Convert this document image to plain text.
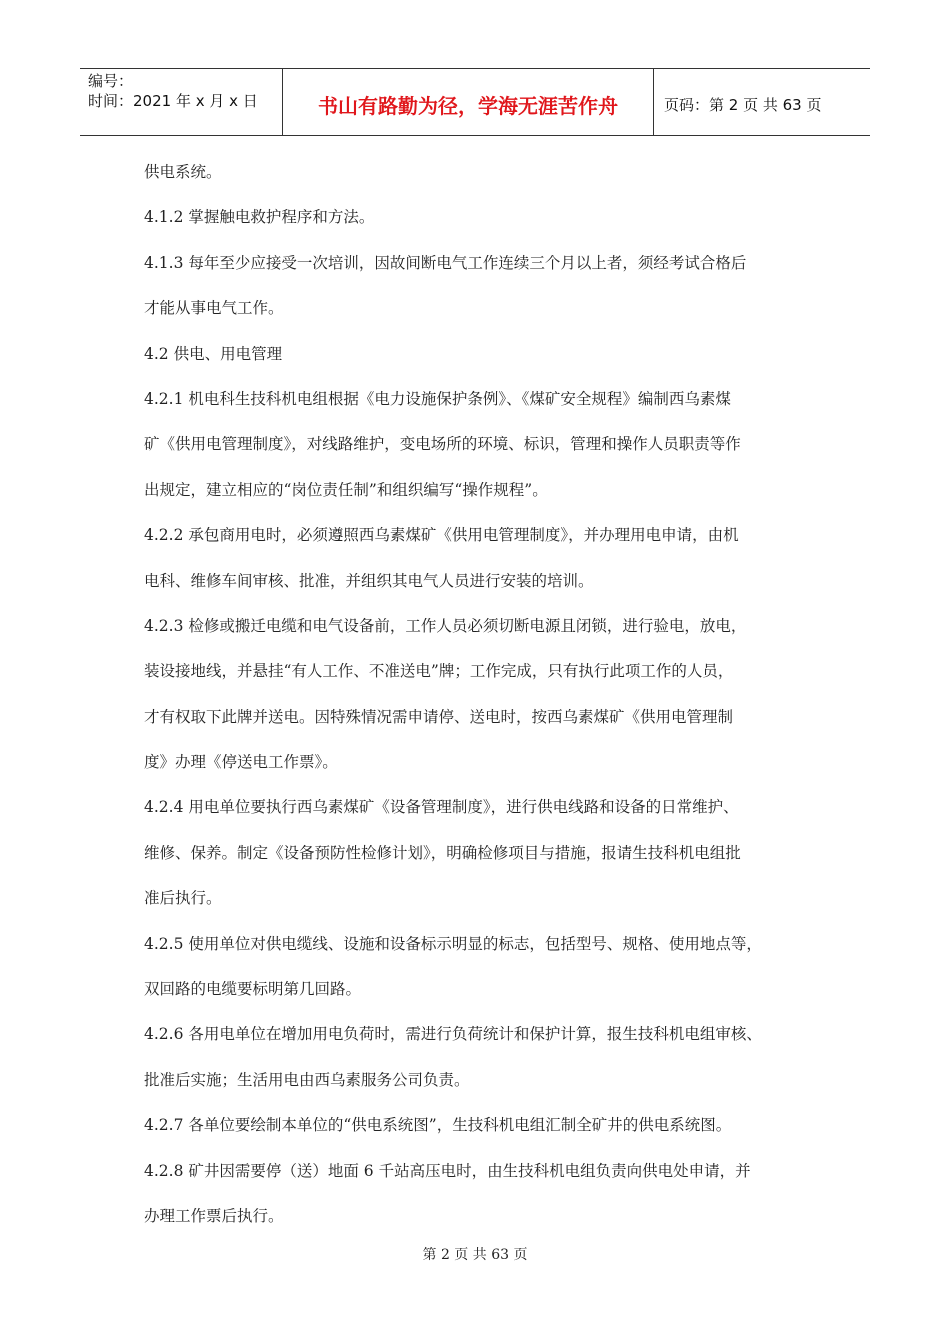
编号：
时间：2021 年 x 月 x 日	书山有路勤为径，学海无涯苦作舟	页码：第 2 页 共 63 页
供电系统。
4.1.2 掌握触电救护程序和方法。
4.1.3 每年至少应接受一次培训，因故间断电气工作连续三个月以上者，须经考试合格后
才能从事电气工作。
4.2 供电、用电管理
4.2.1 机电科生技科机电组根据《电力设施保护条例》、《煤矿安全规程》编制西乌素煤
矿《供用电管理制度》，对线路维护，变电场所的环境、标识，管理和操作人员职责等作
出规定，建立相应的“岗位责任制”和组织编写“操作规程”。
4.2.2 承包商用电时，必须遵照西乌素煤矿《供用电管理制度》，并办理用电申请，由机
电科、维修车间审核、批准，并组织其电气人员进行安装的培训。
4.2.3 检修或搬迁电缆和电气设备前，工作人员必须切断电源且闭锁，进行验电，放电，
装设接地线，并悬挂“有人工作、不准送电”牌；工作完成，只有执行此项工作的人员，
才有权取下此牌并送电。因特殊情况需申请停、送电时，按西乌素煤矿《供用电管理制
度》办理《停送电工作票》。
4.2.4 用电单位要执行西乌素煤矿《设备管理制度》，进行供电线路和设备的日常维护、
维修、保养。制定《设备预防性检修计划》，明确检修项目与措施，报请生技科机电组批
准后执行。
4.2.5 使用单位对供电缆线、设施和设备标示明显的标志，包括型号、规格、使用地点等，
双回路的电缆要标明第几回路。
4.2.6 各用电单位在增加用电负荷时，需进行负荷统计和保护计算，报生技科机电组审核、
批准后实施；生活用电由西乌素服务公司负责。
4.2.7 各单位要绘制本单位的“供电系统图”，生技科机电组汇制全矿井的供电系统图。
4.2.8 矿井因需要停（送）地面 6 千站高压电时，由生技科机电组负责向供电处申请，并
办理工作票后执行。
第 2 页 共 63 页
